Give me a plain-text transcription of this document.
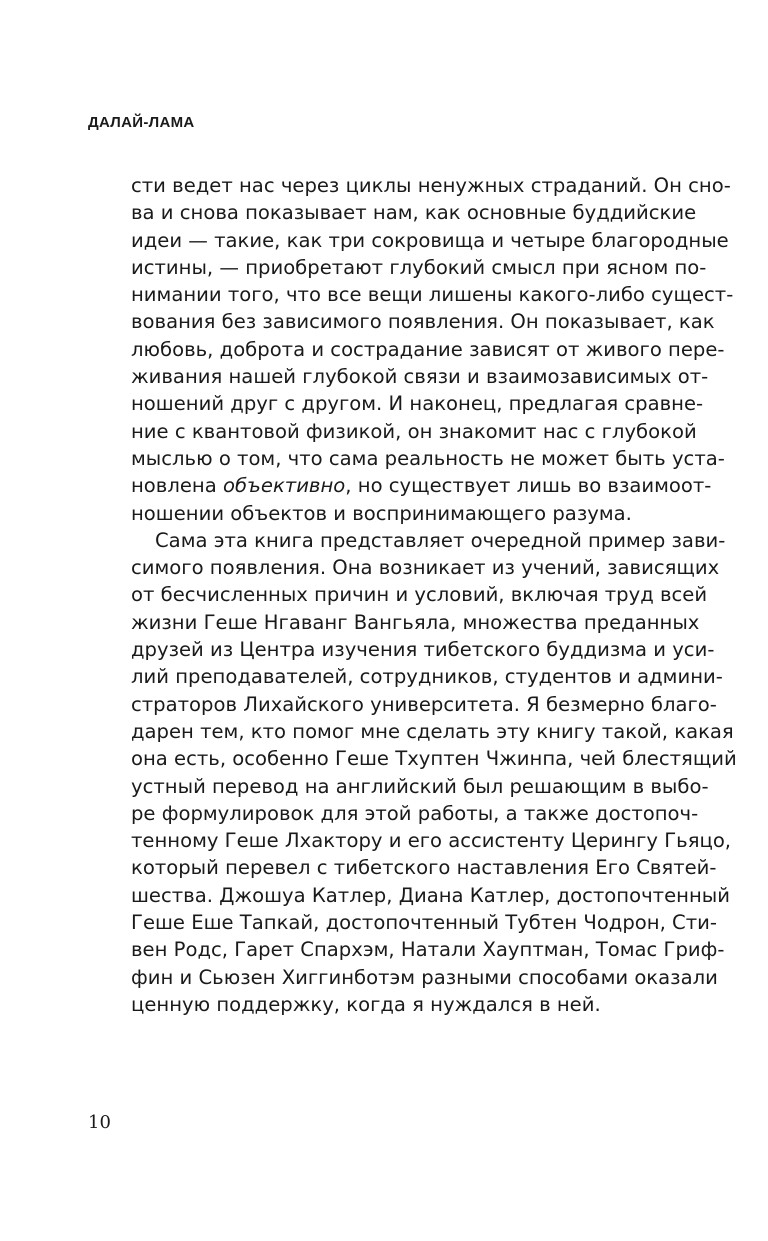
ДАЛАЙ-ЛАМА
сти ведет нас через циклы ненужных страданий. Он сно-
ва и снова показывает нам, как основные буддийские
идеи — такие, как три сокровища и четыре благородные
истины, — приобретают глубокий смысл при ясном по-
нимании того, что все вещи лишены какого-либо сущест-
вования без зависимого появления. Он показывает, как
любовь, доброта и сострадание зависят от живого пере-
живания нашей глубокой связи и взаимозависимых от-
ношений друг с другом. И наконец, предлагая сравне-
ние с квантовой физикой, он знакомит нас с глубокой
мыслью о том, что сама реальность не может быть уста-
новлена объективно, но существует лишь во взаимоот-
ношении объектов и воспринимающего разума.
Сама эта книга представляет очередной пример зави-
симого появления. Она возникает из учений, зависящих
от бесчисленных причин и условий, включая труд всей
жизни Геше Нгаванг Вангьяла, множества преданных
друзей из Центра изучения тибетского буддизма и уси-
лий преподавателей, сотрудников, студентов и админи-
страторов Лихайского университета. Я безмерно благо-
дарен тем, кто помог мне сделать эту книгу такой, какая
она есть, особенно Геше Тхуптен Чжинпа, чей блестящий
устный перевод на английский был решающим в выбо-
ре формулировок для этой работы, а также достопоч-
тенному Геше Лхактору и его ассистенту Церингу Гьяцо,
который перевел с тибетского наставления Его Святей-
шества. Джошуа Катлер, Диана Катлер, достопочтенный
Геше Еше Тапкай, достопочтенный Тубтен Чодрон, Сти-
вен Родс, Гарет Спархэм, Натали Хауптман, Томас Гриф-
фин и Сьюзен Хиггинботэм разными способами оказали
ценную поддержку, когда я нуждался в ней.
10
